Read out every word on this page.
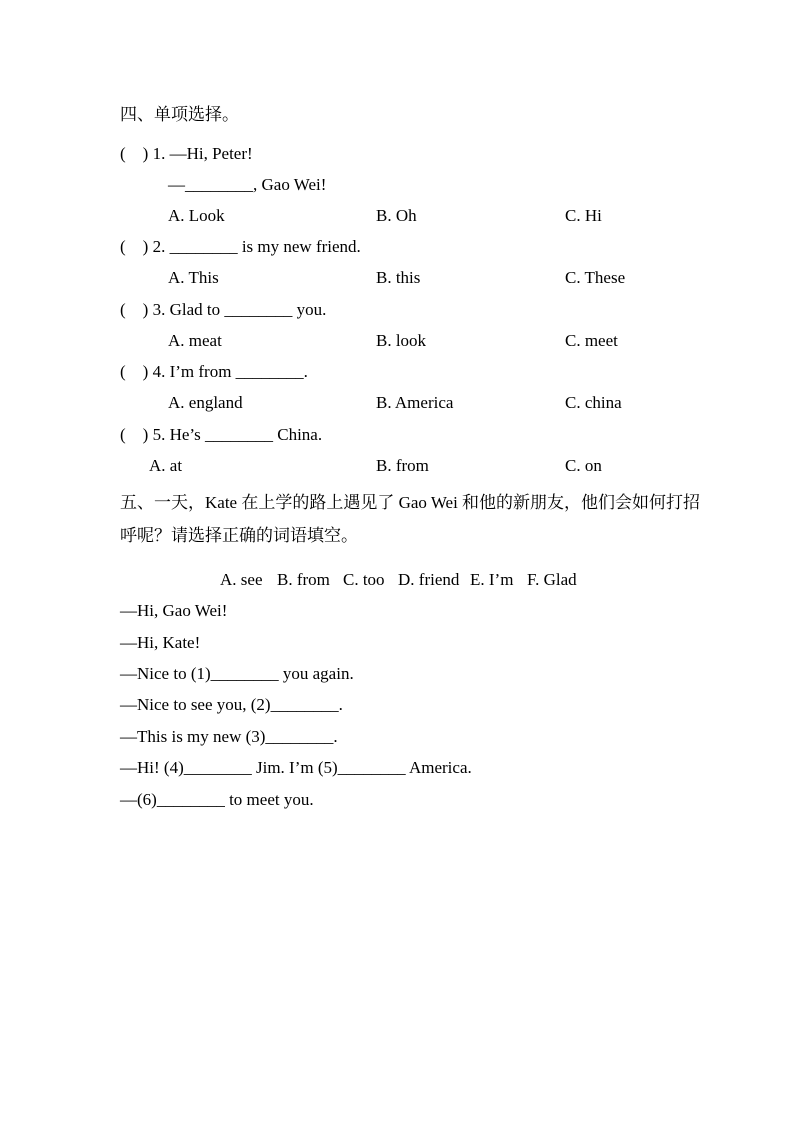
四、单项选择。
(    ) 1. —Hi, Peter!
—________, Gao Wei!
A. Look	B. Oh	C. Hi
(    ) 2. ________ is my new friend.
A. This	B. this	C. These
(    ) 3. Glad to ________ you.
A. meat	B. look	C. meet
(    ) 4. I’m from ________.
A. england	B. America	C. china
(    ) 5. He’s ________ China.
A. at	B. from	C. on
五、一天，Kate 在上学的路上遇见了 Gao Wei 和他的新朋友，他们会如何打招
呼呢？请选择正确的词语填空。
A. see B. from C. too D. friend E. I’m F. Glad
—Hi, Gao Wei!
—Hi, Kate!
—Nice to (1)________ you again.
—Nice to see you, (2)________.
—This is my new (3)________.
—Hi! (4)________ Jim. I’m (5)________ America.
—(6)________ to meet you.
